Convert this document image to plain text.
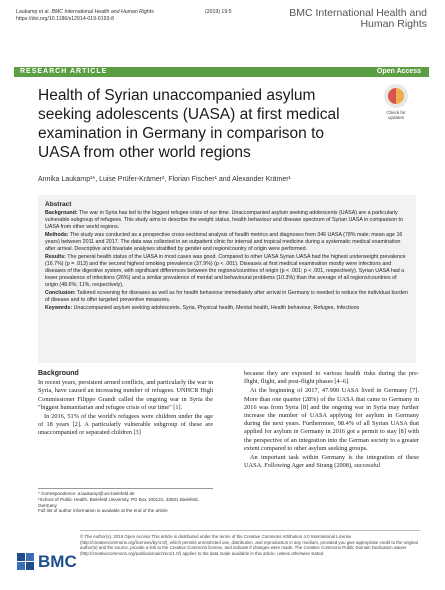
Laukamp et al. BMC International Health and Human Rights
https://doi.org/10.1186/s12914-019-0193-8
(2019) 19:5	BMC International Health and Human Rights
RESEARCH ARTICLE	Open Access
Health of Syrian unaccompanied asylum seeking adolescents (UASA) at first medical examination in Germany in comparison to UASA from other world regions
Check for
updates
Annika Laukamp¹*, Luise Prüfer-Krämer², Florian Fischer¹ and Alexander Krämer¹
Abstract

Background: The war in Syria has led to the biggest refugee crisis of our time. Unaccompanied asylum seeking adolescents (UASA) are a particularly vulnerable subgroup of refugees. This study aims to describe the weight status, health behaviour and disease spectrum of Syrian UASA in comparison to UASA from other world regions.

Methods: The study was conducted as a prospective cross-sectional analysis of health metrics and diagnoses from 346 UASA (78% male; mean age 16 years) between 2011 and 2017. The data was collected in an outpatient clinic for internal and tropical medicine during a systematic medical examination after arrival. Descriptive and bivariate analyses stratified by gender and region/country of origin were performed.

Results: The general health status of the UASA in most cases was good. Compared to other UASA Syrian UASA had the highest underweight prevalence (16.7%) (p = .013) and the second highest smoking prevalence (37.9%) (p < .001). Diseases at first medical examination mostly were infections and diseases of the digestive system, with significant differences between the regions/countries of origin (p < .001; p < .001, respectively). Syrian UASA had a lower prevalence of infections (26%) and a similar prevalence of mental and behavioural problems (10.3%) than the average of all regions/countries of origin (48.6%; 11%, respectively).

Conclusion: Tailored screening for diseases as well as for health behaviour immediately after arrival in Germany is needed to reduce the individual burden of disease and to offer targeted preventive measures.

Keywords: Unaccompanied asylum seeking adolescents, Syria, Physical health, Mental health, Health behaviour, Refugee, Infections

Background

In recent years, persistent armed conflicts, and particularly the war in Syria, have caused an increasing number of refugees. UNHCR High Commissioner Filippo Grandi called the ongoing war in Syria the "biggest humanitarian and refugee crisis of our time" [1].

In 2016, 51% of the world's refugees were children under the age of 18 years [2]. A particularly vulnerable subgroup of these are unaccompanied or separated children [3]

because they are exposed to various health risks during the pre-flight, flight, and post-flight phases [4–6].

At the beginning of 2017, 47.990 UASA lived in Germany [7]. More than one quarter (28%) of the UASA that came to Germany in 2016 was from Syria [8] and the ongoing war in Syria may further increase the number of UASA applying for asylum in Germany during the next years. Furthermore, 98.4% of all Syrian UASA that applied for asylum in Germany in 2016 got a permit to stay [8] with the perspective of an integration into the German society to a greater extent compared to other asylum seeking groups.

An important task within Germany is the integration of these UASA. Following Ager and Strang (2008), successful

* Correspondence: a.laukamp@uni-bielefeld.de
¹School of Public Health, Bielefeld University, PO Box 100131, 33501 Bielefeld, Germany
Full list of author information is available at the end of the article
BMC
© The Author(s). 2019 Open Access This article is distributed under the terms of the Creative Commons Attribution 4.0 International License (http://creativecommons.org/licenses/by/4.0/), which permits unrestricted use, distribution, and reproduction in any medium, provided you give appropriate credit to the original author(s) and the source, provide a link to the Creative Commons license, and indicate if changes were made. The Creative Commons Public Domain Dedication waiver (http://creativecommons.org/publicdomain/zero/1.0/) applies to the data made available in this article, unless otherwise stated.
